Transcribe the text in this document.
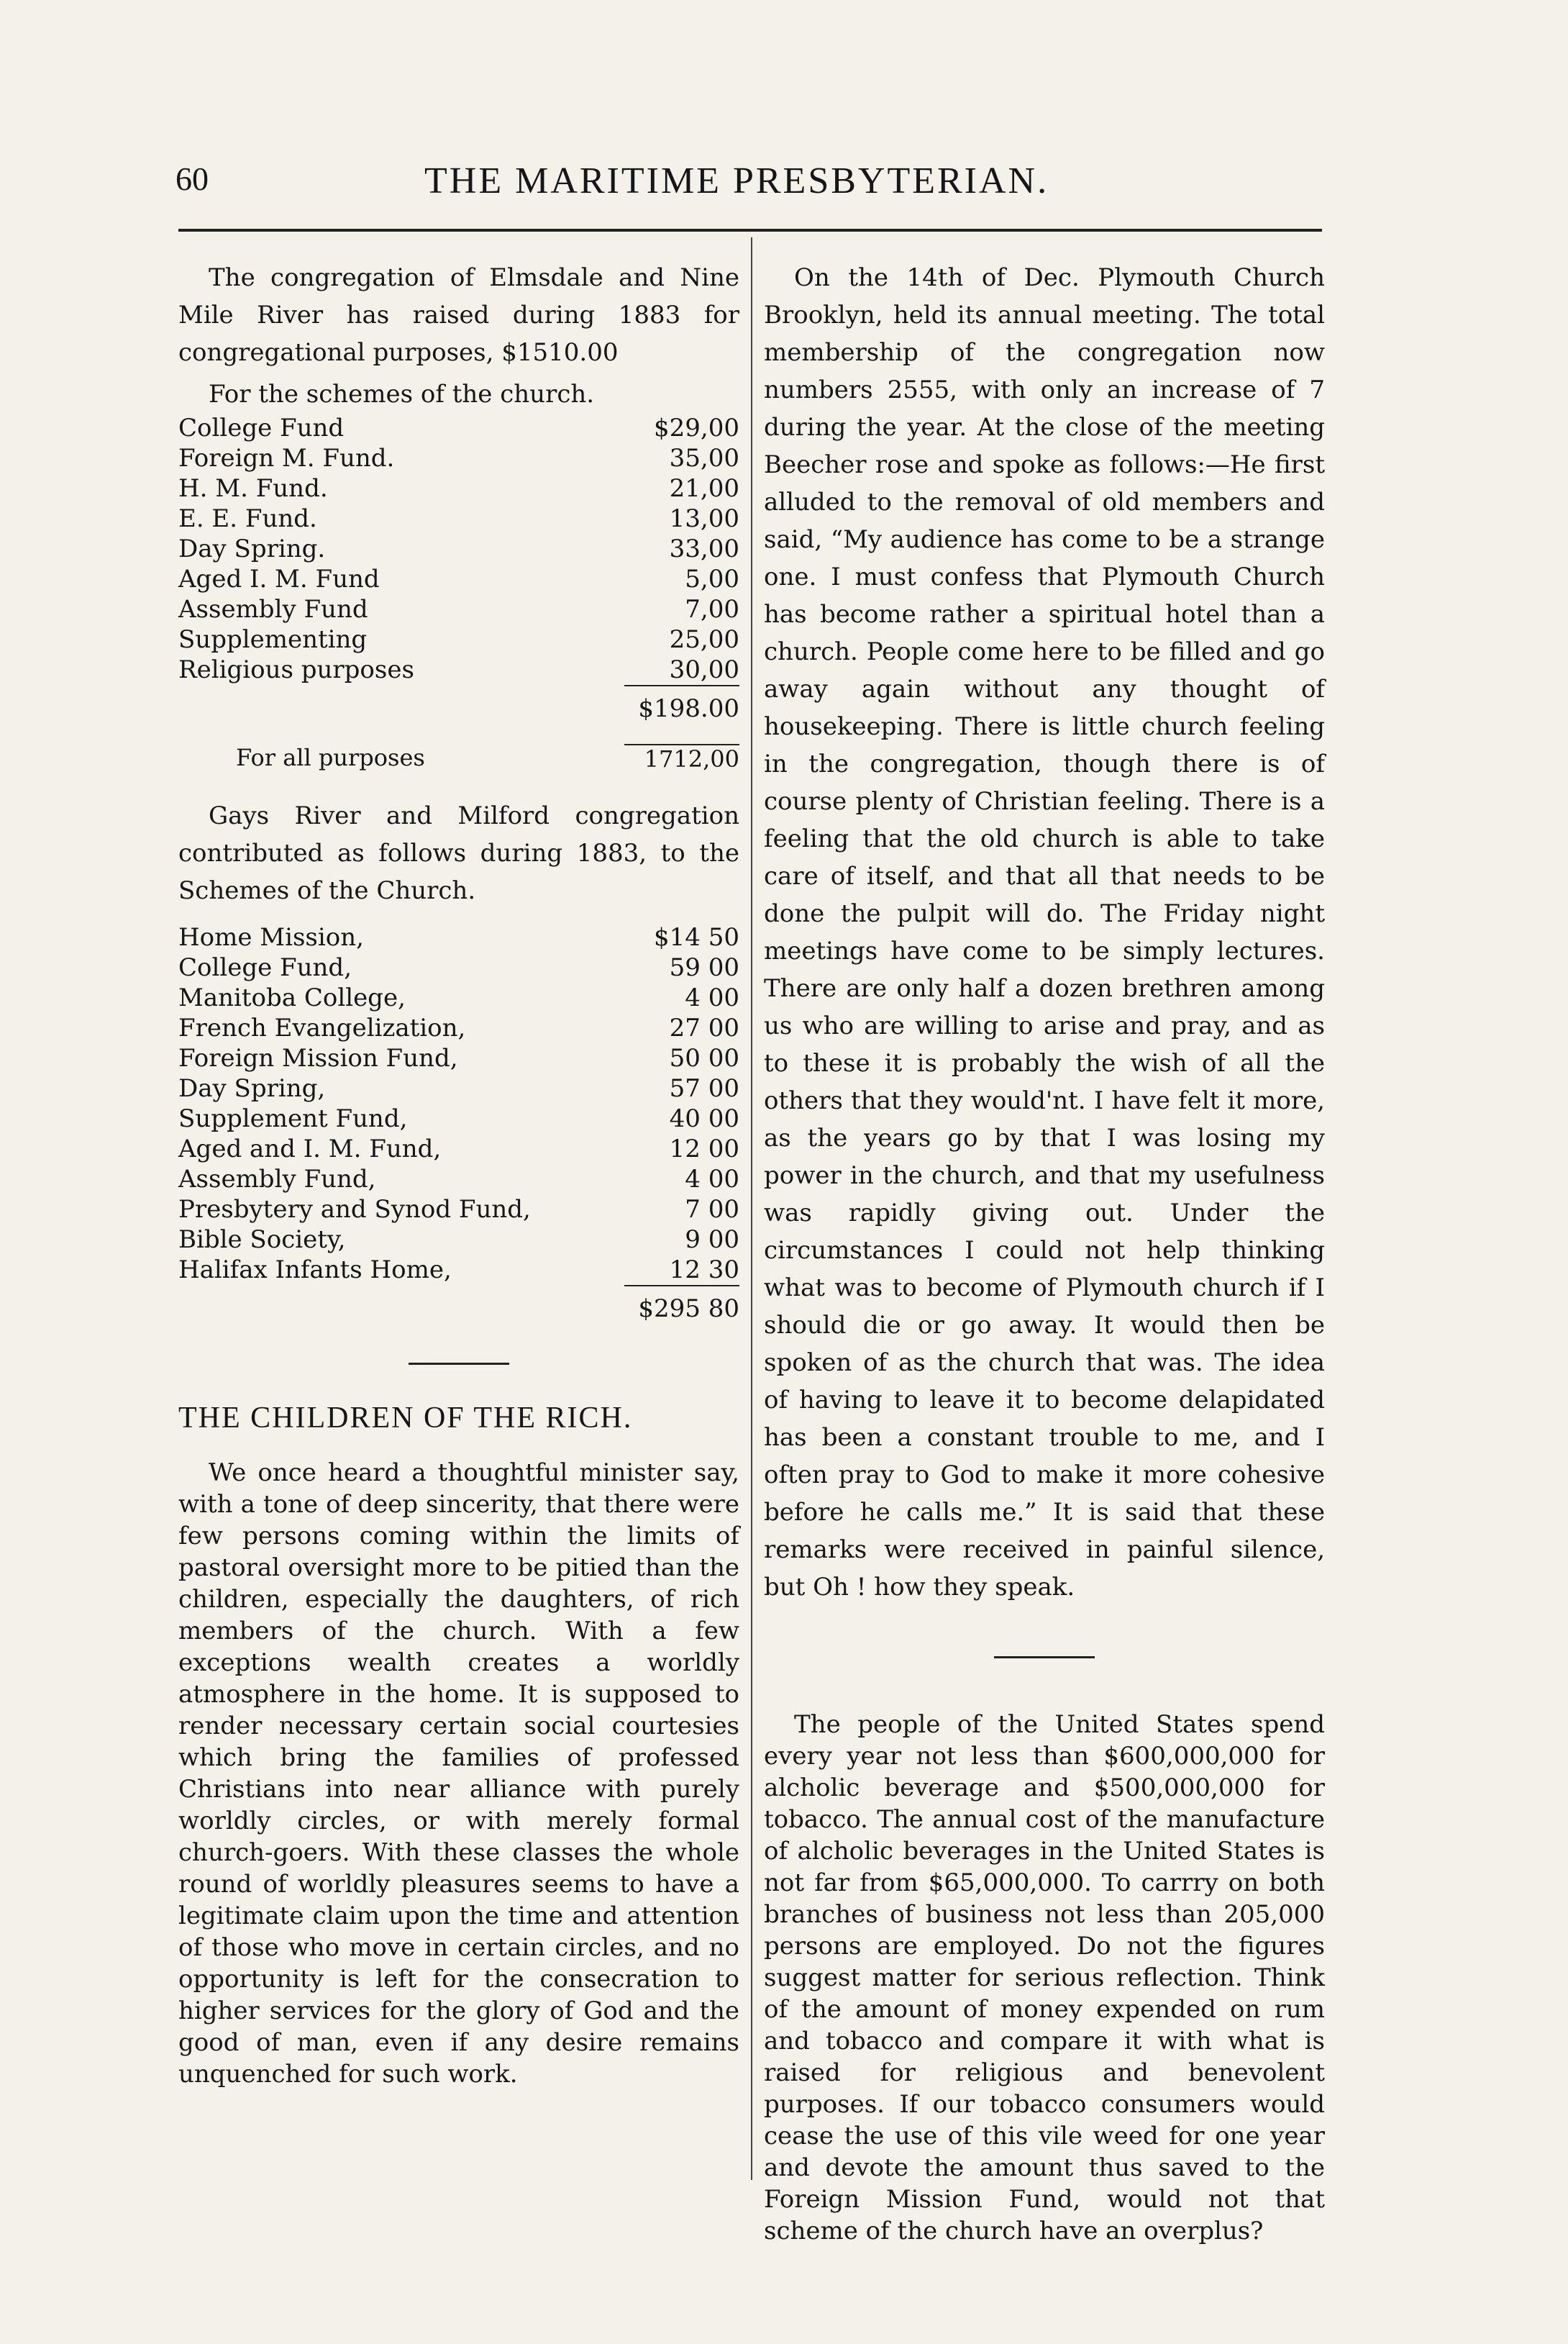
60	THE MARITIME PRESBYTERIAN.

The congregation of Elmsdale and Nine Mile River has raised during 1883 for congregational purposes, $1510.00

For the schemes of the church.

College Fund	$29,00
Foreign M. Fund.	35,00
H. M. Fund.	21,00
E. E. Fund.	13,00
Day Spring.	33,00
Aged I. M. Fund	5,00
Assembly Fund	7,00
Supplementing	25,00
Religious purposes	30,00
$198.00
For all purposes	1712,00

Gays River and Milford congregation contributed as follows during 1883, to the Schemes of the Church.

Home Mission,	$14 50
College Fund,	59 00
Manitoba College,	4 00
French Evangelization,	27 00
Foreign Mission Fund,	50 00
Day Spring,	57 00
Supplement Fund,	40 00
Aged and I. M. Fund,	12 00
Assembly Fund,	4 00
Presbytery and Synod Fund,	7 00
Bible Society,	9 00
Halifax Infants Home,	12 30
$295 80
THE CHILDREN OF THE RICH.

We once heard a thoughtful minister say, with a tone of deep sincerity, that there were few persons coming within the limits of pastoral oversight more to be pitied than the children, especially the daughters, of rich members of the church. With a few exceptions wealth creates a worldly atmosphere in the home. It is supposed to render necessary certain social courtesies which bring the families of professed Christians into near alliance with purely worldly circles, or with merely formal church-goers. With these classes the whole round of worldly pleasures seems to have a legitimate claim upon the time and attention of those who move in certain circles, and no opportunity is left for the consecration to higher services for the glory of God and the good of man, even if any desire remains unquenched for such work.

On the 14th of Dec. Plymouth Church Brooklyn, held its annual meeting. The total membership of the congregation now numbers 2555, with only an increase of 7 during the year. At the close of the meeting Beecher rose and spoke as follows:—He first alluded to the removal of old members and said, “My audience has come to be a strange one. I must confess that Plymouth Church has become rather a spiritual hotel than a church. People come here to be filled and go away again without any thought of housekeeping. There is little church feeling in the congregation, though there is of course plenty of Christian feeling. There is a feeling that the old church is able to take care of itself, and that all that needs to be done the pulpit will do. The Friday night meetings have come to be simply lectures. There are only half a dozen brethren among us who are willing to arise and pray, and as to these it is probably the wish of all the others that they would'nt. I have felt it more, as the years go by that I was losing my power in the church, and that my usefulness was rapidly giving out. Under the circumstances I could not help thinking what was to become of Plymouth church if I should die or go away. It would then be spoken of as the church that was. The idea of having to leave it to become delapidated has been a constant trouble to me, and I often pray to God to make it more cohesive before he calls me.” It is said that these remarks were received in painful silence, but Oh ! how they speak.

The people of the United States spend every year not less than $600,000,000 for alcholic beverage and $500,000,000 for tobacco. The annual cost of the manufacture of alcholic beverages in the United States is not far from $65,000,000. To carrry on both branches of business not less than 205,000 persons are employed. Do not the figures suggest matter for serious reflection. Think of the amount of money expended on rum and tobacco and compare it with what is raised for religious and benevolent purposes. If our tobacco consumers would cease the use of this vile weed for one year and devote the amount thus saved to the Foreign Mission Fund, would not that scheme of the church have an overplus?
